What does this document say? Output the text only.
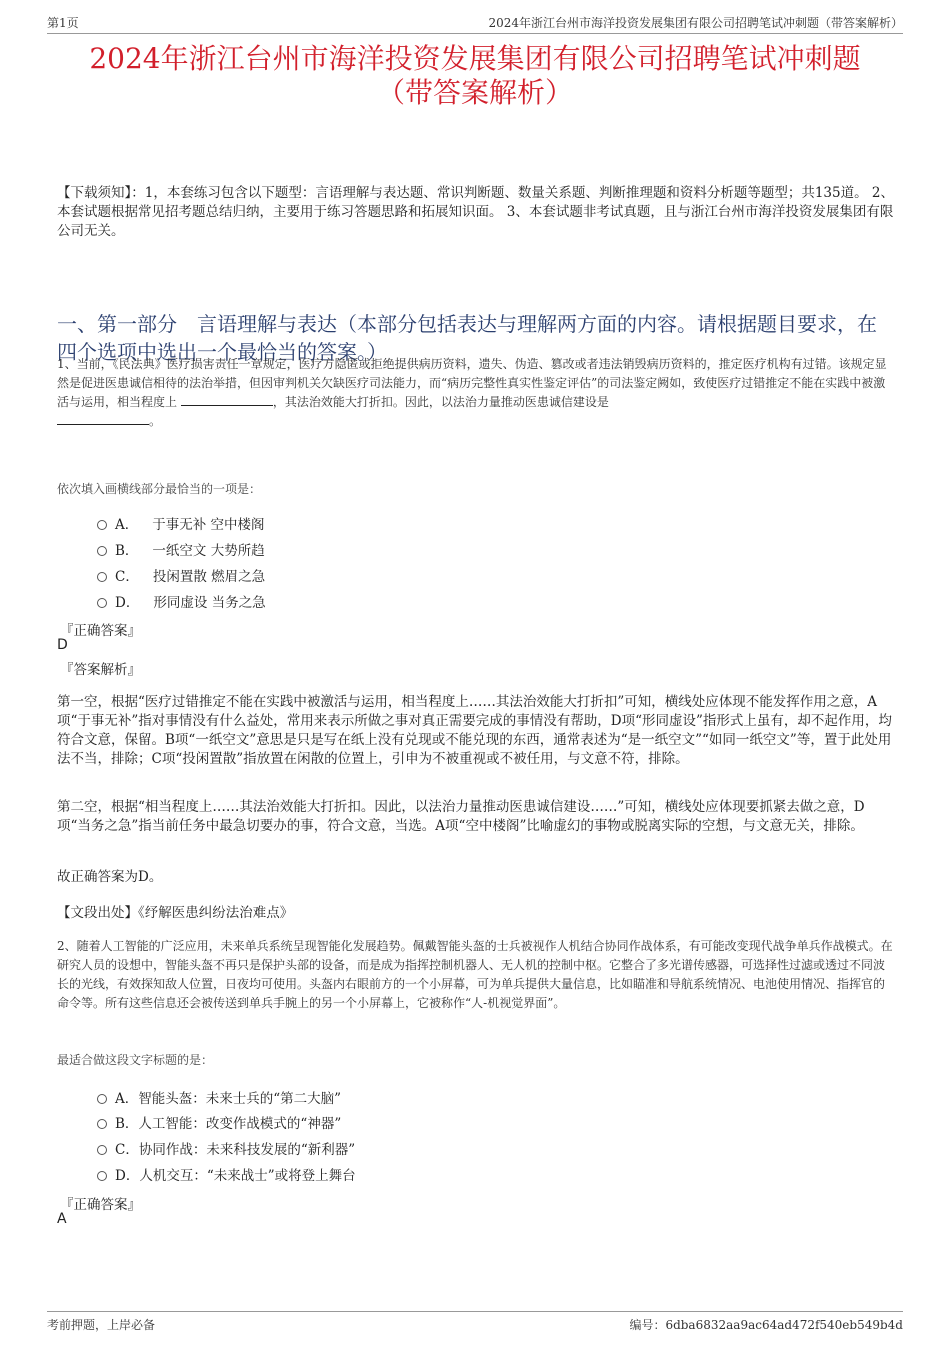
第1页	2024年浙江台州市海洋投资发展集团有限公司招聘笔试冲刺题（带答案解析）
2024年浙江台州市海洋投资发展集团有限公司招聘笔试冲刺题
（带答案解析）
【下载须知】：1，本套练习包含以下题型：言语理解与表达题、常识判断题、数量关系题、判断推理题和资料分析题等题型；共135道。 2、本套试题根据常见招考题总结归纳，主要用于练习答题思路和拓展知识面。 3、本套试题非考试真题，且与浙江台州市海洋投资发展集团有限公司无关。
一、第一部分　言语理解与表达（本部分包括表达与理解两方面的内容。请根据题目要求，在四个选项中选出一个最恰当的答案。）
1、当前，《民法典》医疗损害责任一章规定，医疗方隐匿或拒绝提供病历资料，遗失、伪造、篡改或者违法销毁病历资料的，推定医疗机构有过错。该规定显然是促进医患诚信相待的法治举措，但因审判机关欠缺医疗司法能力，而“病历完整性真实性鉴定评估”的司法鉴定阙如，致使医疗过错推定不能在实践中被激活与运用，相当程度上	，其法治效能大打折扣。因此，以法治力量推动医患诚信建设是
。
依次填入画横线部分最恰当的一项是：
A． 于事无补 空中楼阁
B． 一纸空文 大势所趋
C． 投闲置散 燃眉之急
D． 形同虚设 当务之急
『正确答案』
D
『答案解析』
第一空，根据“医疗过错推定不能在实践中被激活与运用，相当程度上……其法治效能大打折扣”可知，横线处应体现不能发挥作用之意，A项“于事无补”指对事情没有什么益处，常用来表示所做之事对真正需要完成的事情没有帮助，D项“形同虚设”指形式上虽有，却不起作用，均符合文意，保留。B项“一纸空文”意思是只是写在纸上没有兑现或不能兑现的东西，通常表述为“是一纸空文”“如同一纸空文”等，置于此处用法不当，排除；C项“投闲置散”指放置在闲散的位置上，引申为不被重视或不被任用，与文意不符，排除。
第二空，根据“相当程度上……其法治效能大打折扣。因此，以法治力量推动医患诚信建设……”可知，横线处应体现要抓紧去做之意，D项“当务之急”指当前任务中最急切要办的事，符合文意，当选。A项“空中楼阁”比喻虚幻的事物或脱离实际的空想，与文意无关，排除。
故正确答案为D。
【文段出处】《纾解医患纠纷法治难点》
2、随着人工智能的广泛应用，未来单兵系统呈现智能化发展趋势。佩戴智能头盔的士兵被视作人机结合协同作战体系，有可能改变现代战争单兵作战模式。在研究人员的设想中，智能头盔不再只是保护头部的设备，而是成为指挥控制机器人、无人机的控制中枢。它整合了多光谱传感器，可选择性过滤或透过不同波长的光线，有效探知敌人位置，日夜均可使用。头盔内右眼前方的一个小屏幕，可为单兵提供大量信息，比如瞄准和导航系统情况、电池使用情况、指挥官的命令等。所有这些信息还会被传送到单兵手腕上的另一个小屏幕上，它被称作“人-机视觉界面”。
最适合做这段文字标题的是：
A．智能头盔：未来士兵的“第二大脑”
B．人工智能：改变作战模式的“神器”
C．协同作战：未来科技发展的“新利器”
D．人机交互：“未来战士”或将登上舞台
『正确答案』
A
考前押题，上岸必备	编号：6dba6832aa9ac64ad472f540eb549b4d
